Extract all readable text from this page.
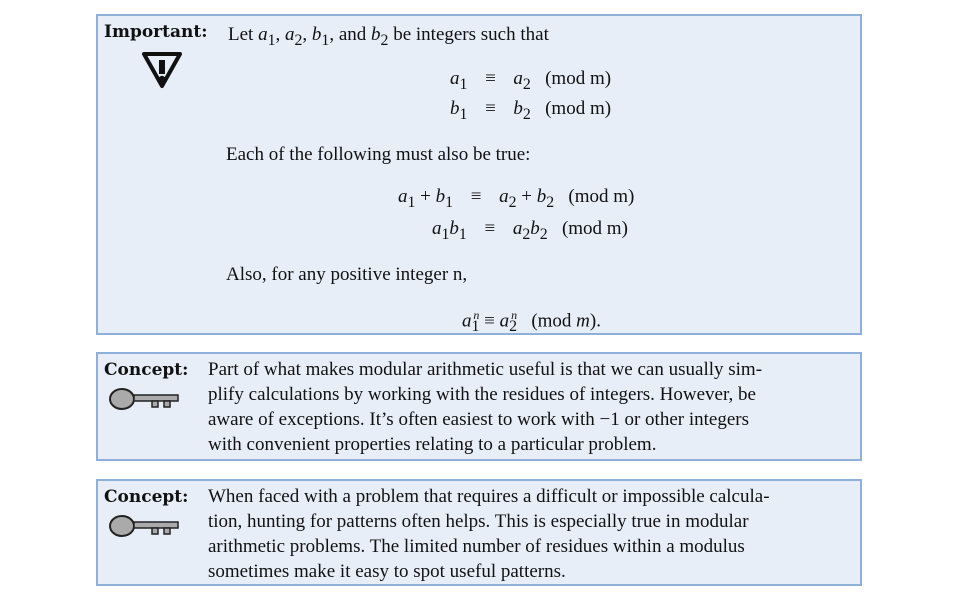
Important: Let $a_1$, $a_2$, $b_1$, and $b_2$ be integers such that
$a_1 \equiv a_2$ (mod m)
$b_1 \equiv b_2$ (mod m)
Each of the following must also be true:
$a_1 + b_1 \equiv a_2 + b_2$ (mod m)
$a_1b_1 \equiv a_2b_2$ (mod m)
Also, for any positive integer n,
$a_1^n \equiv a_2^n$   (mod m).
Concept: Part of what makes modular arithmetic useful is that we can usually sim-
plify calculations by working with the residues of integers. However, be
aware of exceptions. It’s often easiest to work with −1 or other integers
with convenient properties relating to a particular problem.
Concept: When faced with a problem that requires a difficult or impossible calcula-
tion, hunting for patterns often helps. This is especially true in modular
arithmetic problems. The limited number of residues within a modulus
sometimes make it easy to spot useful patterns.
